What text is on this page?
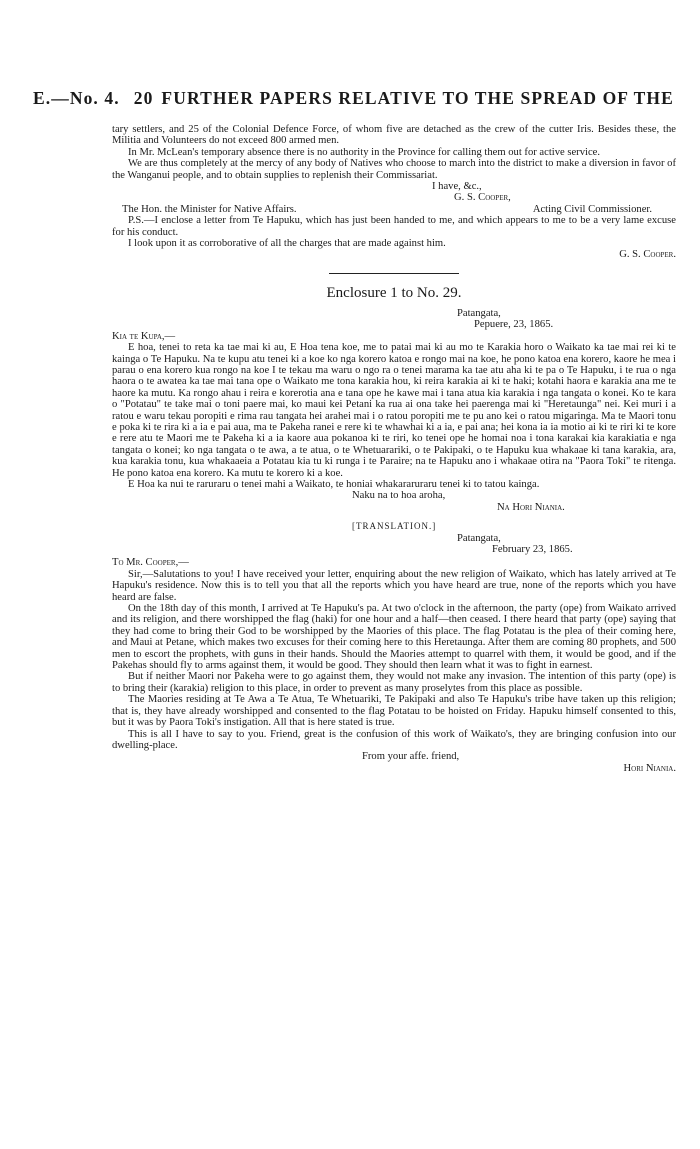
E.—No. 4. 20 FURTHER PAPERS RELATIVE TO THE SPREAD OF THE

tary settlers, and 25 of the Colonial Defence Force, of whom five are detached as the crew of the cutter Iris. Besides these, the Militia and Volunteers do not exceed 800 armed men.

In Mr. McLean's temporary absence there is no authority in the Province for calling them out for active service.

We are thus completely at the mercy of any body of Natives who choose to march into the district to make a diversion in favor of the Wanganui people, and to obtain supplies to replenish their Commissariat.

I have, &c.,

G. S. Cooper,

The Hon. the Minister for Native Affairs.	Acting Civil Commissioner.

P.S.—I enclose a letter from Te Hapuku, which has just been handed to me, and which appears to me to be a very lame excuse for his conduct.

I look upon it as corroborative of all the charges that are made against him.

G. S. Cooper.

Enclosure 1 to No. 29.

Patangata,

Pepuere, 23, 1865.

Kia te Kupa,—

E hoa, tenei to reta ka tae mai ki au, E Hoa tena koe, me to patai mai ki au mo te Karakia horo o Waikato ka tae mai rei ki te kainga o Te Hapuku. Na te kupu atu tenei ki a koe ko nga korero katoa e rongo mai na koe, he pono katoa ena korero, kaore he mea i parau o ena korero kua rongo na koe I te tekau ma waru o ngo ra o tenei marama ka tae atu aha ki te pa o Te Hapuku, i te rua o nga haora o te awatea ka tae mai tana ope o Waikato me tona karakia hou, ki reira karakia ai ki te haki; kotahi haora e karakia ana me te haore ka mutu. Ka rongo ahau i reira e korerotia ana e tana ope he kawe mai i tana atua kia karakia i nga tangata o konei. Ko te kara o "Potatau" te take mai o toni paere mai, ko maui kei Petani ka rua ai ona take hei paerenga mai ki "Heretaunga" nei. Kei muri i a ratou e waru tekau poropiti e rima rau tangata hei arahei mai i o ratou poropiti me te pu ano kei o ratou migaringa. Ma te Maori tonu e poka ki te rira ki a ia e pai aua, ma te Pakeha ranei e rere ki te whawhai ki a ia, e pai ana; hei kona ia ia motio ai ki te riri ki te kore e rere atu te Maori me te Pakeha ki a ia kaore aua pokanoa ki te riri, ko tenei ope he homai noa i tona karakai kia karakiatia e nga tangata o konei; ko nga tangata o te awa, a te atua, o te Whetuarariki, o te Pakipaki, o te Hapuku kua whakaae ki tana karakia, ara, kua karakia tonu, kua whakaaeia a Potatau kia tu ki runga i te Paraire; na te Hapuku ano i whakaae otira na "Paora Toki" te ritenga. He pono katoa ena korero. Ka mutu te korero ki a koe.

E Hoa ka nui te raruraru o tenei mahi a Waikato, te honiai whakararuraru tenei ki to tatou kainga.

Naku na to hoa aroha,

Na Hori Niania.

[TRANSLATION.]

Patangata,

February 23, 1865.

To Mr. Cooper,—

Sir,—Salutations to you! I have received your letter, enquiring about the new religion of Waikato, which has lately arrived at Te Hapuku's residence. Now this is to tell you that all the reports which you have heard are true, none of the reports which you have heard are false.

On the 18th day of this month, I arrived at Te Hapuku's pa. At two o'clock in the afternoon, the party (ope) from Waikato arrived and its religion, and there worshipped the flag (haki) for one hour and a half—then ceased. I there heard that party (ope) saying that they had come to bring their God to be worshipped by the Maories of this place. The flag Potatau is the plea of their coming here, and Maui at Petane, which makes two excuses for their coming here to this Heretaunga. After them are coming 80 prophets, and 500 men to escort the prophets, with guns in their hands. Should the Maories attempt to quarrel with them, it would be good, and if the Pakehas should fly to arms against them, it would be good. They should then learn what it was to fight in earnest.

But if neither Maori nor Pakeha were to go against them, they would not make any invasion. The intention of this party (ope) is to bring their (karakia) religion to this place, in order to prevent as many proselytes from this place as possible.

The Maories residing at Te Awa a Te Atua, Te Whetuariki, Te Pakipaki and also Te Hapuku's tribe have taken up this religion; that is, they have already worshipped and consented to the flag Potatau to be hoisted on Friday. Hapuku himself consented to this, but it was by Paora Toki's instigation. All that is here stated is true.

This is all I have to say to you. Friend, great is the confusion of this work of Waikato's, they are bringing confusion into our dwelling-place.

From your affe. friend,

Hori Niania.
